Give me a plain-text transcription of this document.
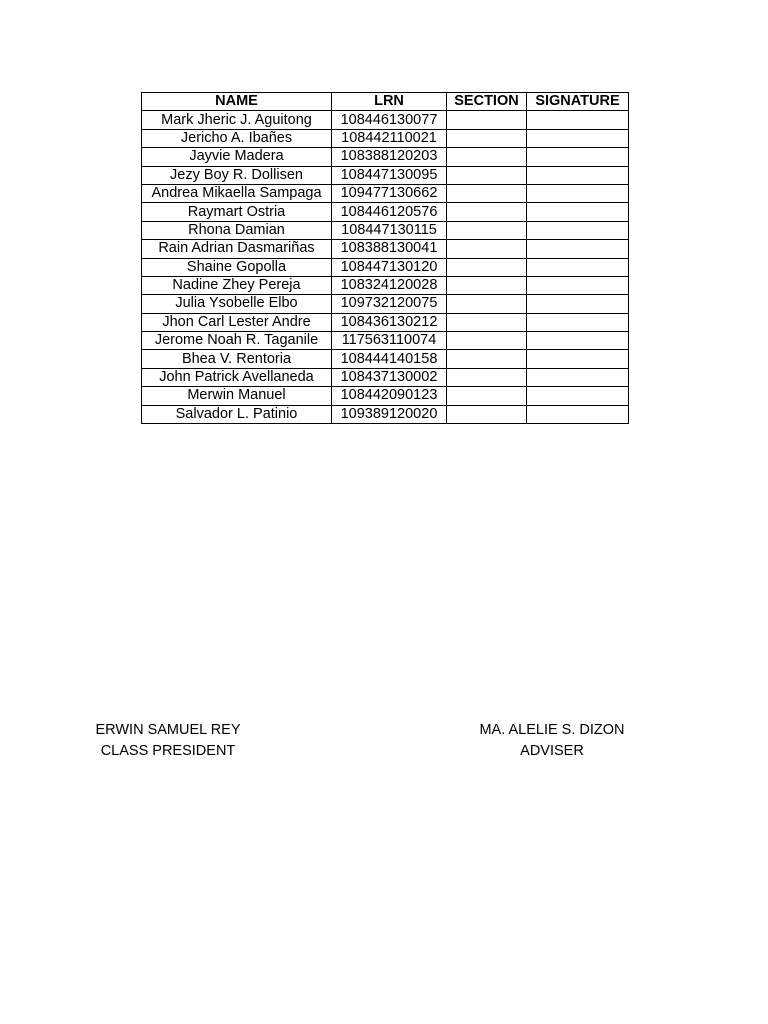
NAME	LRN	SECTION	SIGNATURE
Mark Jheric J. Aguitong	108446130077		
Jericho A. Ibañes	108442110021		
Jayvie Madera	108388120203		
Jezy Boy R. Dollisen	108447130095		
Andrea Mikaella Sampaga	109477130662		
Raymart Ostria	108446120576		
Rhona Damian	108447130115		
Rain Adrian Dasmariñas	108388130041		
Shaine Gopolla	108447130120		
Nadine Zhey Pereja	108324120028		
Julia Ysobelle Elbo	109732120075		
Jhon Carl Lester Andre	108436130212		
Jerome Noah R. Taganile	117563110074		
Bhea V. Rentoria	108444140158		
John Patrick Avellaneda	108437130002		
Merwin Manuel	108442090123		
Salvador L. Patinio	109389120020		
ERWIN SAMUEL REY
CLASS PRESIDENT
MA. ALELIE S. DIZON
ADVISER
